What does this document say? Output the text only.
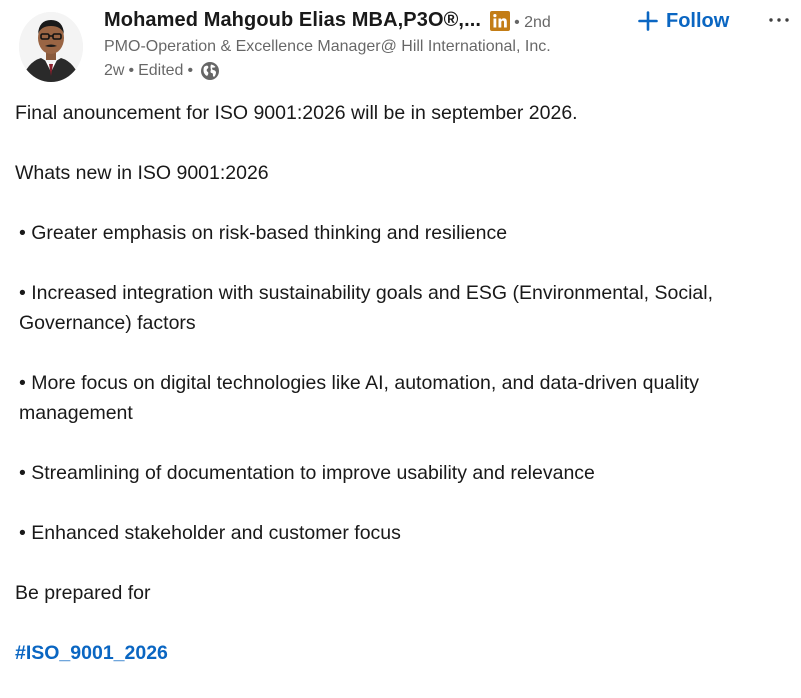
Mohamed Mahgoub Elias MBA,P3O®,... • 2nd	Follow
PMO-Operation & Excellence Manager@ Hill International, Inc.
2w • Edited •

Final anouncement for ISO 9001:2026 will be in september 2026.

Whats new in ISO 9001:2026

• Greater emphasis on risk-based thinking and resilience

• Increased integration with sustainability goals and ESG (Environmental, Social, Governance) factors

• More focus on digital technologies like AI, automation, and data-driven quality management

• Streamlining of documentation to improve usability and relevance

• Enhanced stakeholder and customer focus

Be prepared for

#ISO_9001_2026
